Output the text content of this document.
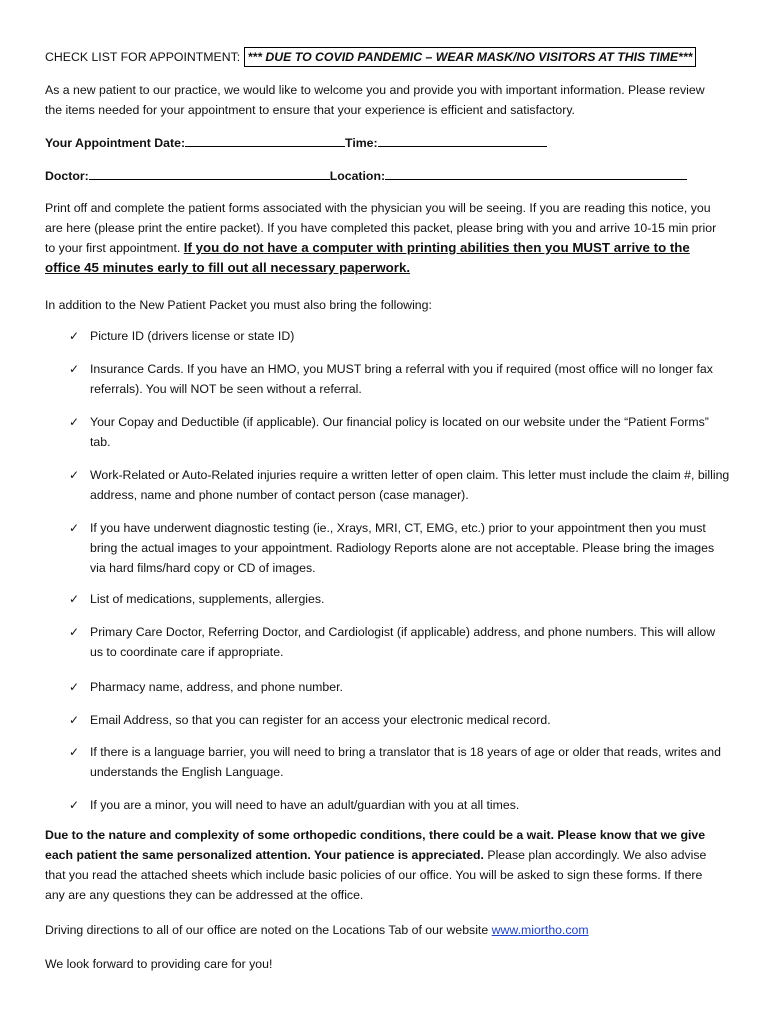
CHECK LIST FOR APPOINTMENT: *** DUE TO COVID PANDEMIC – WEAR MASK/NO VISITORS AT THIS TIME***

As a new patient to our practice, we would like to welcome you and provide you with important information. Please review the items needed for your appointment to ensure that your experience is efficient and satisfactory.

Your Appointment Date:	Time:
Doctor:	Location:

Print off and complete the patient forms associated with the physician you will be seeing. If you are reading this notice, you are here (please print the entire packet). If you have completed this packet, please bring with you and arrive 10-15 min prior to your first appointment. If you do not have a computer with printing abilities then you MUST arrive to the office 45 minutes early to fill out all necessary paperwork.

In addition to the New Patient Packet you must also bring the following:

✓ Picture ID (drivers license or state ID)
✓ Insurance Cards. If you have an HMO, you MUST bring a referral with you if required (most office will no longer fax referrals). You will NOT be seen without a referral.
✓ Your Copay and Deductible (if applicable). Our financial policy is located on our website under the “Patient Forms” tab.
✓ Work-Related or Auto-Related injuries require a written letter of open claim. This letter must include the claim #, billing address, name and phone number of contact person (case manager).
✓ If you have underwent diagnostic testing (ie., Xrays, MRI, CT, EMG, etc.) prior to your appointment then you must bring the actual images to your appointment. Radiology Reports alone are not acceptable. Please bring the images via hard films/hard copy or CD of images.
✓ List of medications, supplements, allergies.
✓ Primary Care Doctor, Referring Doctor, and Cardiologist (if applicable) address, and phone numbers. This will allow us to coordinate care if appropriate.
✓ Pharmacy name, address, and phone number.
✓ Email Address, so that you can register for an access your electronic medical record.
✓ If there is a language barrier, you will need to bring a translator that is 18 years of age or older that reads, writes and understands the English Language.
✓ If you are a minor, you will need to have an adult/guardian with you at all times.

Due to the nature and complexity of some orthopedic conditions, there could be a wait. Please know that we give each patient the same personalized attention. Your patience is appreciated. Please plan accordingly. We also advise that you read the attached sheets which include basic policies of our office. You will be asked to sign these forms. If there any are any questions they can be addressed at the office.

Driving directions to all of our office are noted on the Locations Tab of our website www.miortho.com

We look forward to providing care for you!
